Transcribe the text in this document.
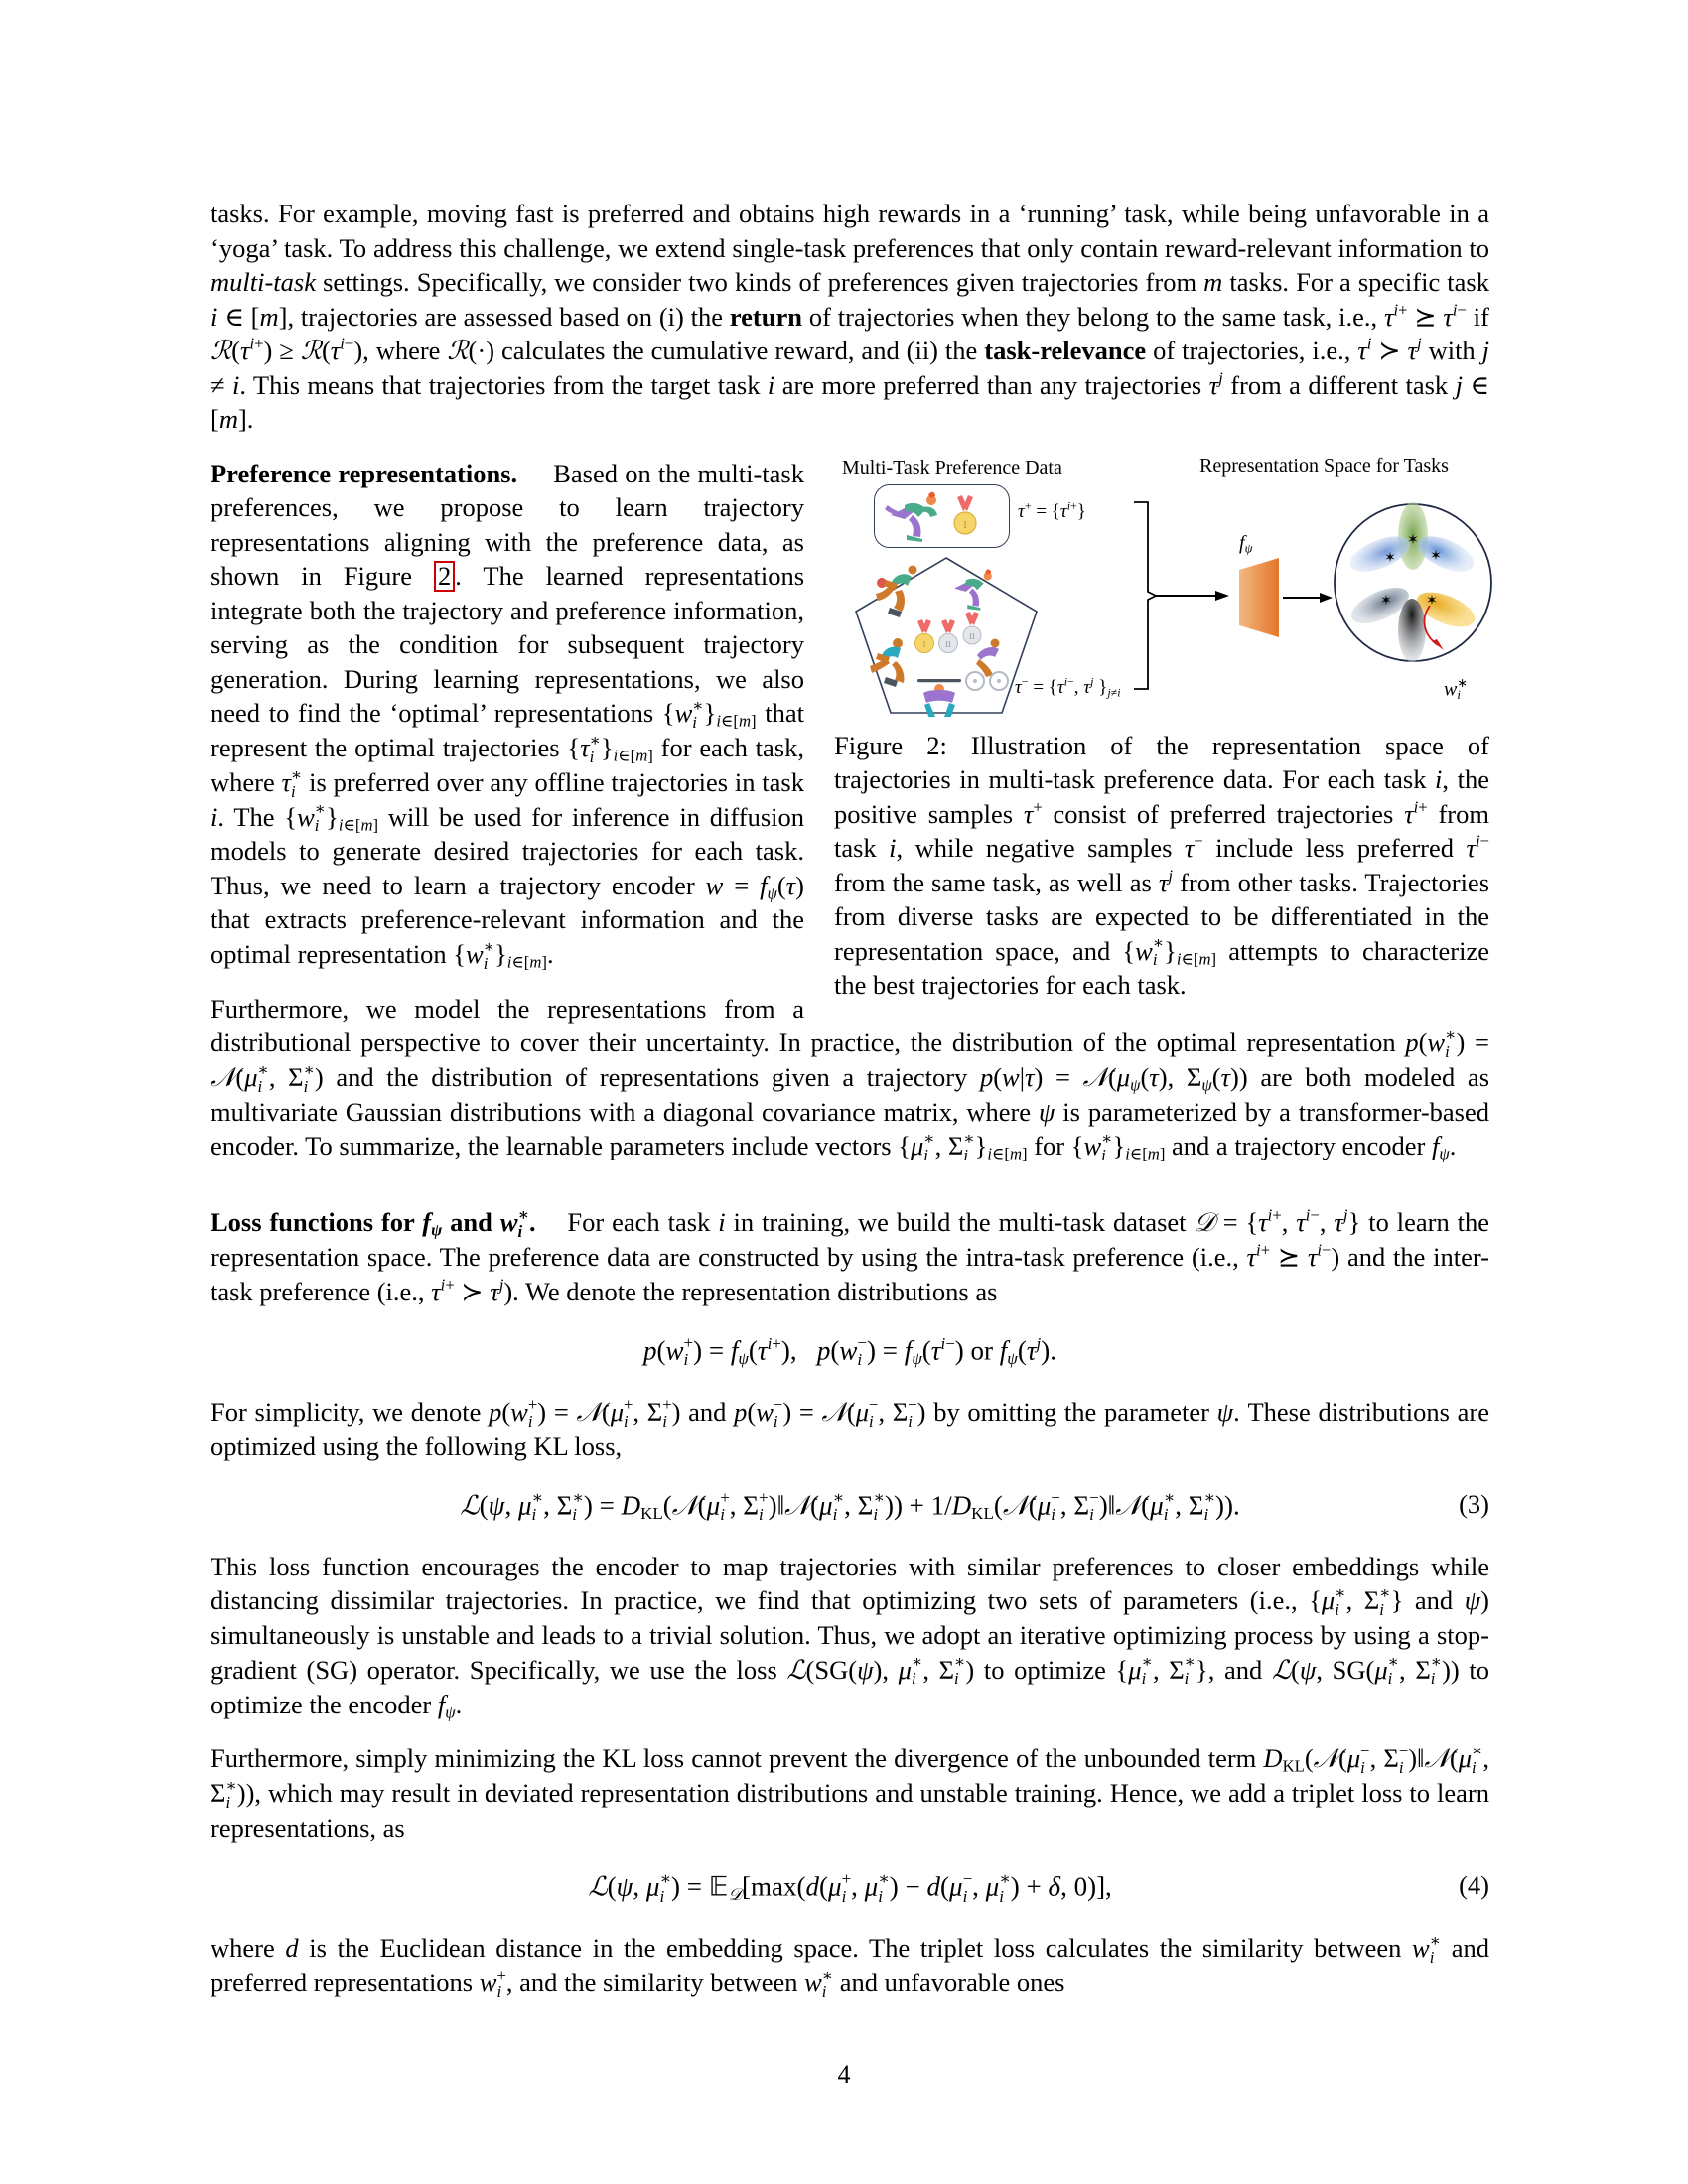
tasks. For example, moving fast is preferred and obtains high rewards in a ‘running’ task, while being unfavorable in a ‘yoga’ task. To address this challenge, we extend single-task preferences that only contain reward-relevant information to multi-task settings. Specifically, we consider two kinds of preferences given trajectories from m tasks. For a specific task i ∈ [m], trajectories are assessed based on (i) the return of trajectories when they belong to the same task, i.e., $\tau^{i+}$ ⪰ $\tau^{i-}$ if $ℛ(\tau^{i+})$ ≥ $ℛ(\tau^{i-})$, where ℛ(·) calculates the cumulative reward, and (ii) the task-relevance of trajectories, i.e., $\tau^i$ ≻ $\tau^j$ with j ≠ i. This means that trajectories from the target task i are more preferred than any trajectories $\tau^j$ from a different task j ∈ [m].

Multi-Task Preference Data	Representation Space for Tasks
I
$\tau^+ = \{\tau^{i+}\}$
II
I II
$\tau^- = \{\tau^{i-}$, $\tau^j$ }$_{j\ne i}$
$f_\psi$
✶
✶ ✶
✶ ✶
w∗
i
Figure 2: Illustration of the representation space of trajectories in multi-task preference data. For each task i, the positive samples τ+ consist of preferred trajectories $\tau^{i+}$ from task i, while negative samples τ− include less preferred $\tau^{i-}$ from the same task, as well as $\tau^j$ from other tasks. Trajectories from diverse tasks are expected to be differentiated in the representation space, and {w∗
i }$_{i\in[m]}$ attempts to characterize the best trajectories for each task.

Preference representations.     Based on the multi-task preferences, we propose to learn trajectory representations aligning with the preference data, as shown in Figure 2 . The learned representations integrate both the trajectory and preference information, serving as the condition for subsequent trajectory generation. During learning representations, we also need to find the ‘optimal’ representations {w∗
i }$_{i\in[m]}$ that represent the optimal trajectories {τ∗
i }$_{i\in[m]}$ for each task, where τ∗
i is preferred over any offline trajectories in task i. The {w∗
i }$_{i\in[m]}$ will be used for inference in diffusion models to generate desired trajectories for each task. Thus, we need to learn a trajectory encoder $w = f_\psi(\tau)$ that extracts preference-relevant information and the optimal representation {w∗
i }$_{i\in[m]}$.

Furthermore, we model the representations from a distributional perspective to cover their uncertainty. In practice, the distribution of the optimal representation p(w∗
i ) = 𝒩(μ∗
i , Σ∗
i ) and the distribution of representations given a trajectory $p(w|\tau) = 𝒩(\mu_\psi(\tau)$, $\Sigma_\psi(\tau)$) are both modeled as multivariate Gaussian distributions with a diagonal covariance matrix, where ψ is parameterized by a transformer-based encoder. To summarize, the learnable parameters include vectors {μ∗
i , Σ∗
i }$_{i\in[m]}$ for {w∗
i }$_{i\in[m]}$ and a trajectory encoder $f_\psi$.

Loss functions for $f_\psi$ and w∗
i .    For each task i in training, we build the multi-task dataset 𝒟 = {$\tau^{i+}$, $\tau^{i-}$, $\tau^j$} to learn the representation space. The preference data are constructed by using the intra-task preference (i.e., $\tau^{i+}$ ⪰ $\tau^{i-}$) and the inter-task preference (i.e., $\tau^{i+}$ ≻ $\tau^j$). We denote the representation distributions as

p(w+
i ) = $f_\psi(\tau^{i+})$,   p(w−
i ) = $f_\psi(\tau^{i-})$ or $f_\psi(\tau^j)$.

For simplicity, we denote p(w+
i ) = 𝒩(μ+
i , Σ+
i ) and p(w−
i ) = 𝒩(μ−
i , Σ−
i ) by omitting the parameter ψ. These distributions are optimized using the following KL loss,

ℒ(ψ, μ∗
i , Σ∗
i ) = $D_{KL}(𝒩(\mu+$
i , Σ+
i )‖𝒩(μ∗
i , Σ∗
i )) + $1/D_{KL}(𝒩(\mu-$
i , Σ−
i )‖𝒩(μ∗
i , Σ∗
i )).	(3)

This loss function encourages the encoder to map trajectories with similar preferences to closer embeddings while distancing dissimilar trajectories. In practice, we find that optimizing two sets of parameters (i.e., {μ∗
i , Σ∗
i } and ψ) simultaneously is unstable and leads to a trivial solution. Thus, we adopt an iterative optimizing process by using a stop-gradient (SG) operator. Specifically, we use the loss ℒ(SG(ψ), μ∗
i , Σ∗
i ) to optimize {μ∗
i , Σ∗
i }, and ℒ(ψ, SG(μ∗
i , Σ∗
i )) to optimize the encoder $f_\psi$.

Furthermore, simply minimizing the KL loss cannot prevent the divergence of the unbounded term $D_{KL}(𝒩(\mu-$
i , Σ−
i )‖𝒩(μ∗
i , Σ∗
i )), which may result in deviated representation distributions and unstable training. Hence, we add a triplet loss to learn representations, as

ℒ(ψ, μ∗
i ) = 𝔼$_𝒟$[max(d(μ+
i , μ∗
i ) − d(μ−
i , μ∗
i ) + δ, 0)],	(4)

where d is the Euclidean distance in the embedding space. The triplet loss calculates the similarity between w∗
i and preferred representations w+
i , and the similarity between w∗
i and unfavorable ones

4
